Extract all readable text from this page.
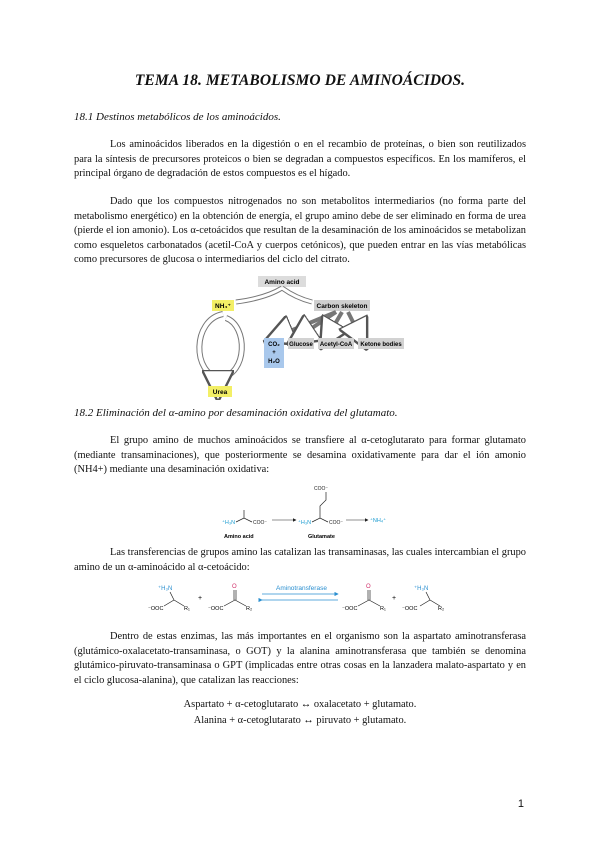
TEMA 18. METABOLISMO DE AMINOÁCIDOS.
18.1 Destinos metabólicos de los aminoácidos.

Los aminoácidos liberados en la digestión o en el recambio de proteínas, o bien son reutilizados para la síntesis de precursores proteicos o bien se degradan a compuestos específicos. En los mamíferos, el principal órgano de degradación de estos compuestos es el hígado.

Dado que los compuestos nitrogenados no son metabolitos intermediarios (no forma parte del metabolismo energético) en la obtención de energía, el grupo amino debe de ser eliminado en forma de urea (pierde el ion amonio). Los α-cetoácidos que resultan de la desaminación de los aminoácidos se metabolizan como esqueletos carbonatados (acetil-CoA y cuerpos cetónicos), que pueden entrar en las vías metabólicas como precursores de glucosa o intermediarios del ciclo del citrato.

Amino acid
NH₄⁺	Carbon skeleton
Urea
CO₂
+
H₂O
Glucose Acetyl-CoA Ketone bodies
18.2 Eliminación del α-amino por desaminación oxidativa del glutamato.

El grupo amino de muchos aminoácidos se transfiere al α-cetoglutarato para formar glutamato (mediante transaminaciones), que posteriormente se desamina oxidativamente para dar el ión amonio (NH4+) mediante una desaminación oxidativa:

⁺H₃N	COO⁻
Amino acid
COO⁻
⁺H₃N	COO⁻
Glutamate
⁺NH₄⁺

Las transferencias de grupos amino las catalizan las transaminasas, las cuales intercambian el grupo amino de un α-aminoácido al α-cetoácido:

⁺H₃N
⁻OOC	R₁
+
O
⁻OOC	R₂
Aminotransferase	O
⁻OOC	R₁
+
⁺H₃N
⁻OOC	R₂

Dentro de estas enzimas, las más importantes en el organismo son la aspartato aminotransferasa (glutámico-oxalacetato-transaminasa, o GOT) y la alanina aminotransferasa que también se denomina glutámico-piruvato-transaminasa o GPT (implicadas entre otras cosas en la lanzadera malato-aspartato y en el ciclo glucosa-alanina), que catalizan las reacciones:

Aspartato + α-cetoglutarato ↔ oxalacetato + glutamato.
Alanina + α-cetoglutarato ↔ piruvato + glutamato.
1
